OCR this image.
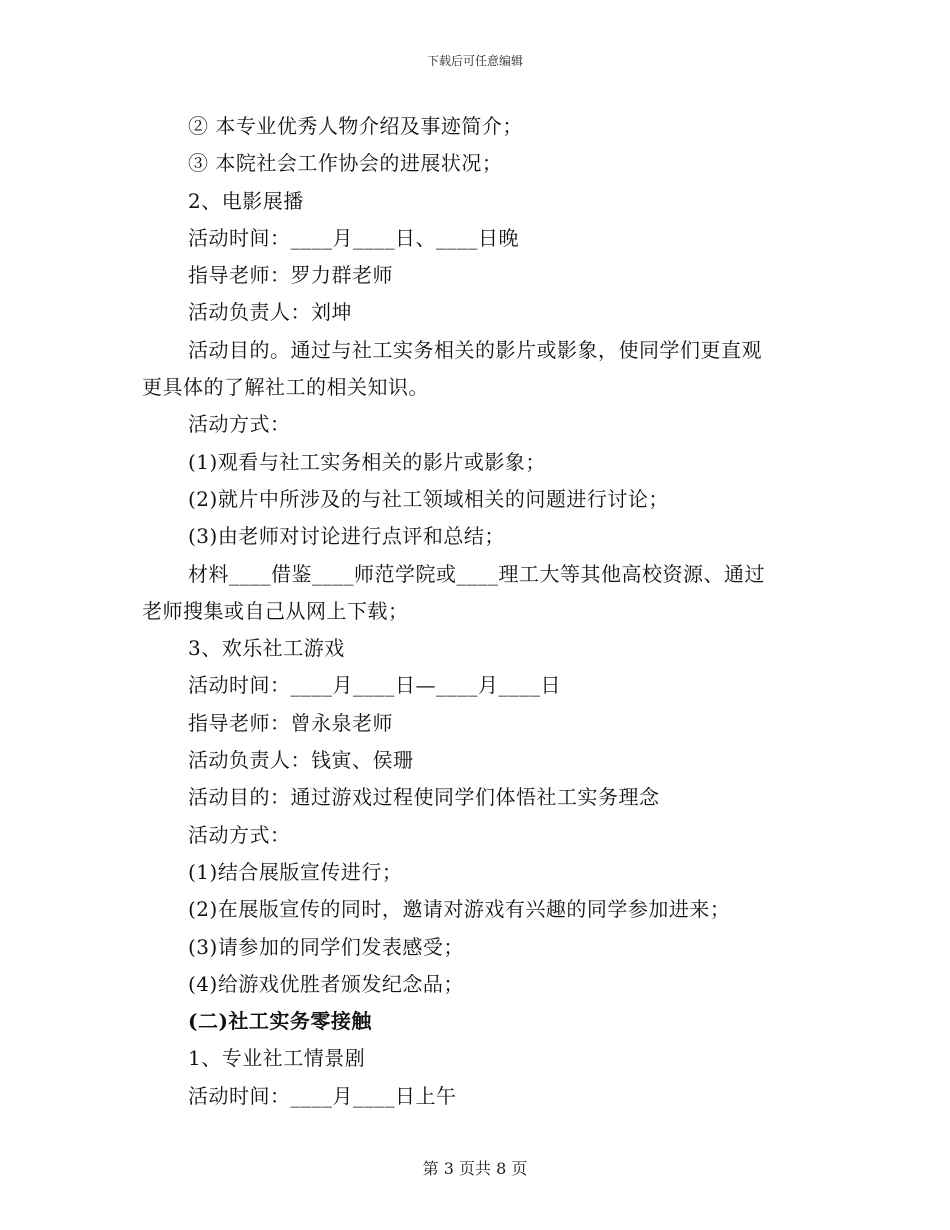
下载后可任意编辑
② 本专业优秀人物介绍及事迹简介；
③ 本院社会工作协会的进展状况；
2、电影展播
活动时间：____月____日、____日晚
指导老师：罗力群老师
活动负责人：刘坤
活动目的。通过与社工实务相关的影片或影象，使同学们更直观
更具体的了解社工的相关知识。
活动方式：
(1)观看与社工实务相关的影片或影象；
(2)就片中所涉及的与社工领域相关的问题进行讨论；
(3)由老师对讨论进行点评和总结；
材料____借鉴____师范学院或____理工大等其他高校资源、通过
老师搜集或自己从网上下载；
3、欢乐社工游戏
活动时间：____月____日—____月____日
指导老师：曾永泉老师
活动负责人：钱寅、侯珊
活动目的：通过游戏过程使同学们体悟社工实务理念
活动方式：
(1)结合展版宣传进行；
(2)在展版宣传的同时，邀请对游戏有兴趣的同学参加进来；
(3)请参加的同学们发表感受；
(4)给游戏优胜者颁发纪念品；
(二)社工实务零接触
1、专业社工情景剧
活动时间：____月____日上午
第 3 页共 8 页
